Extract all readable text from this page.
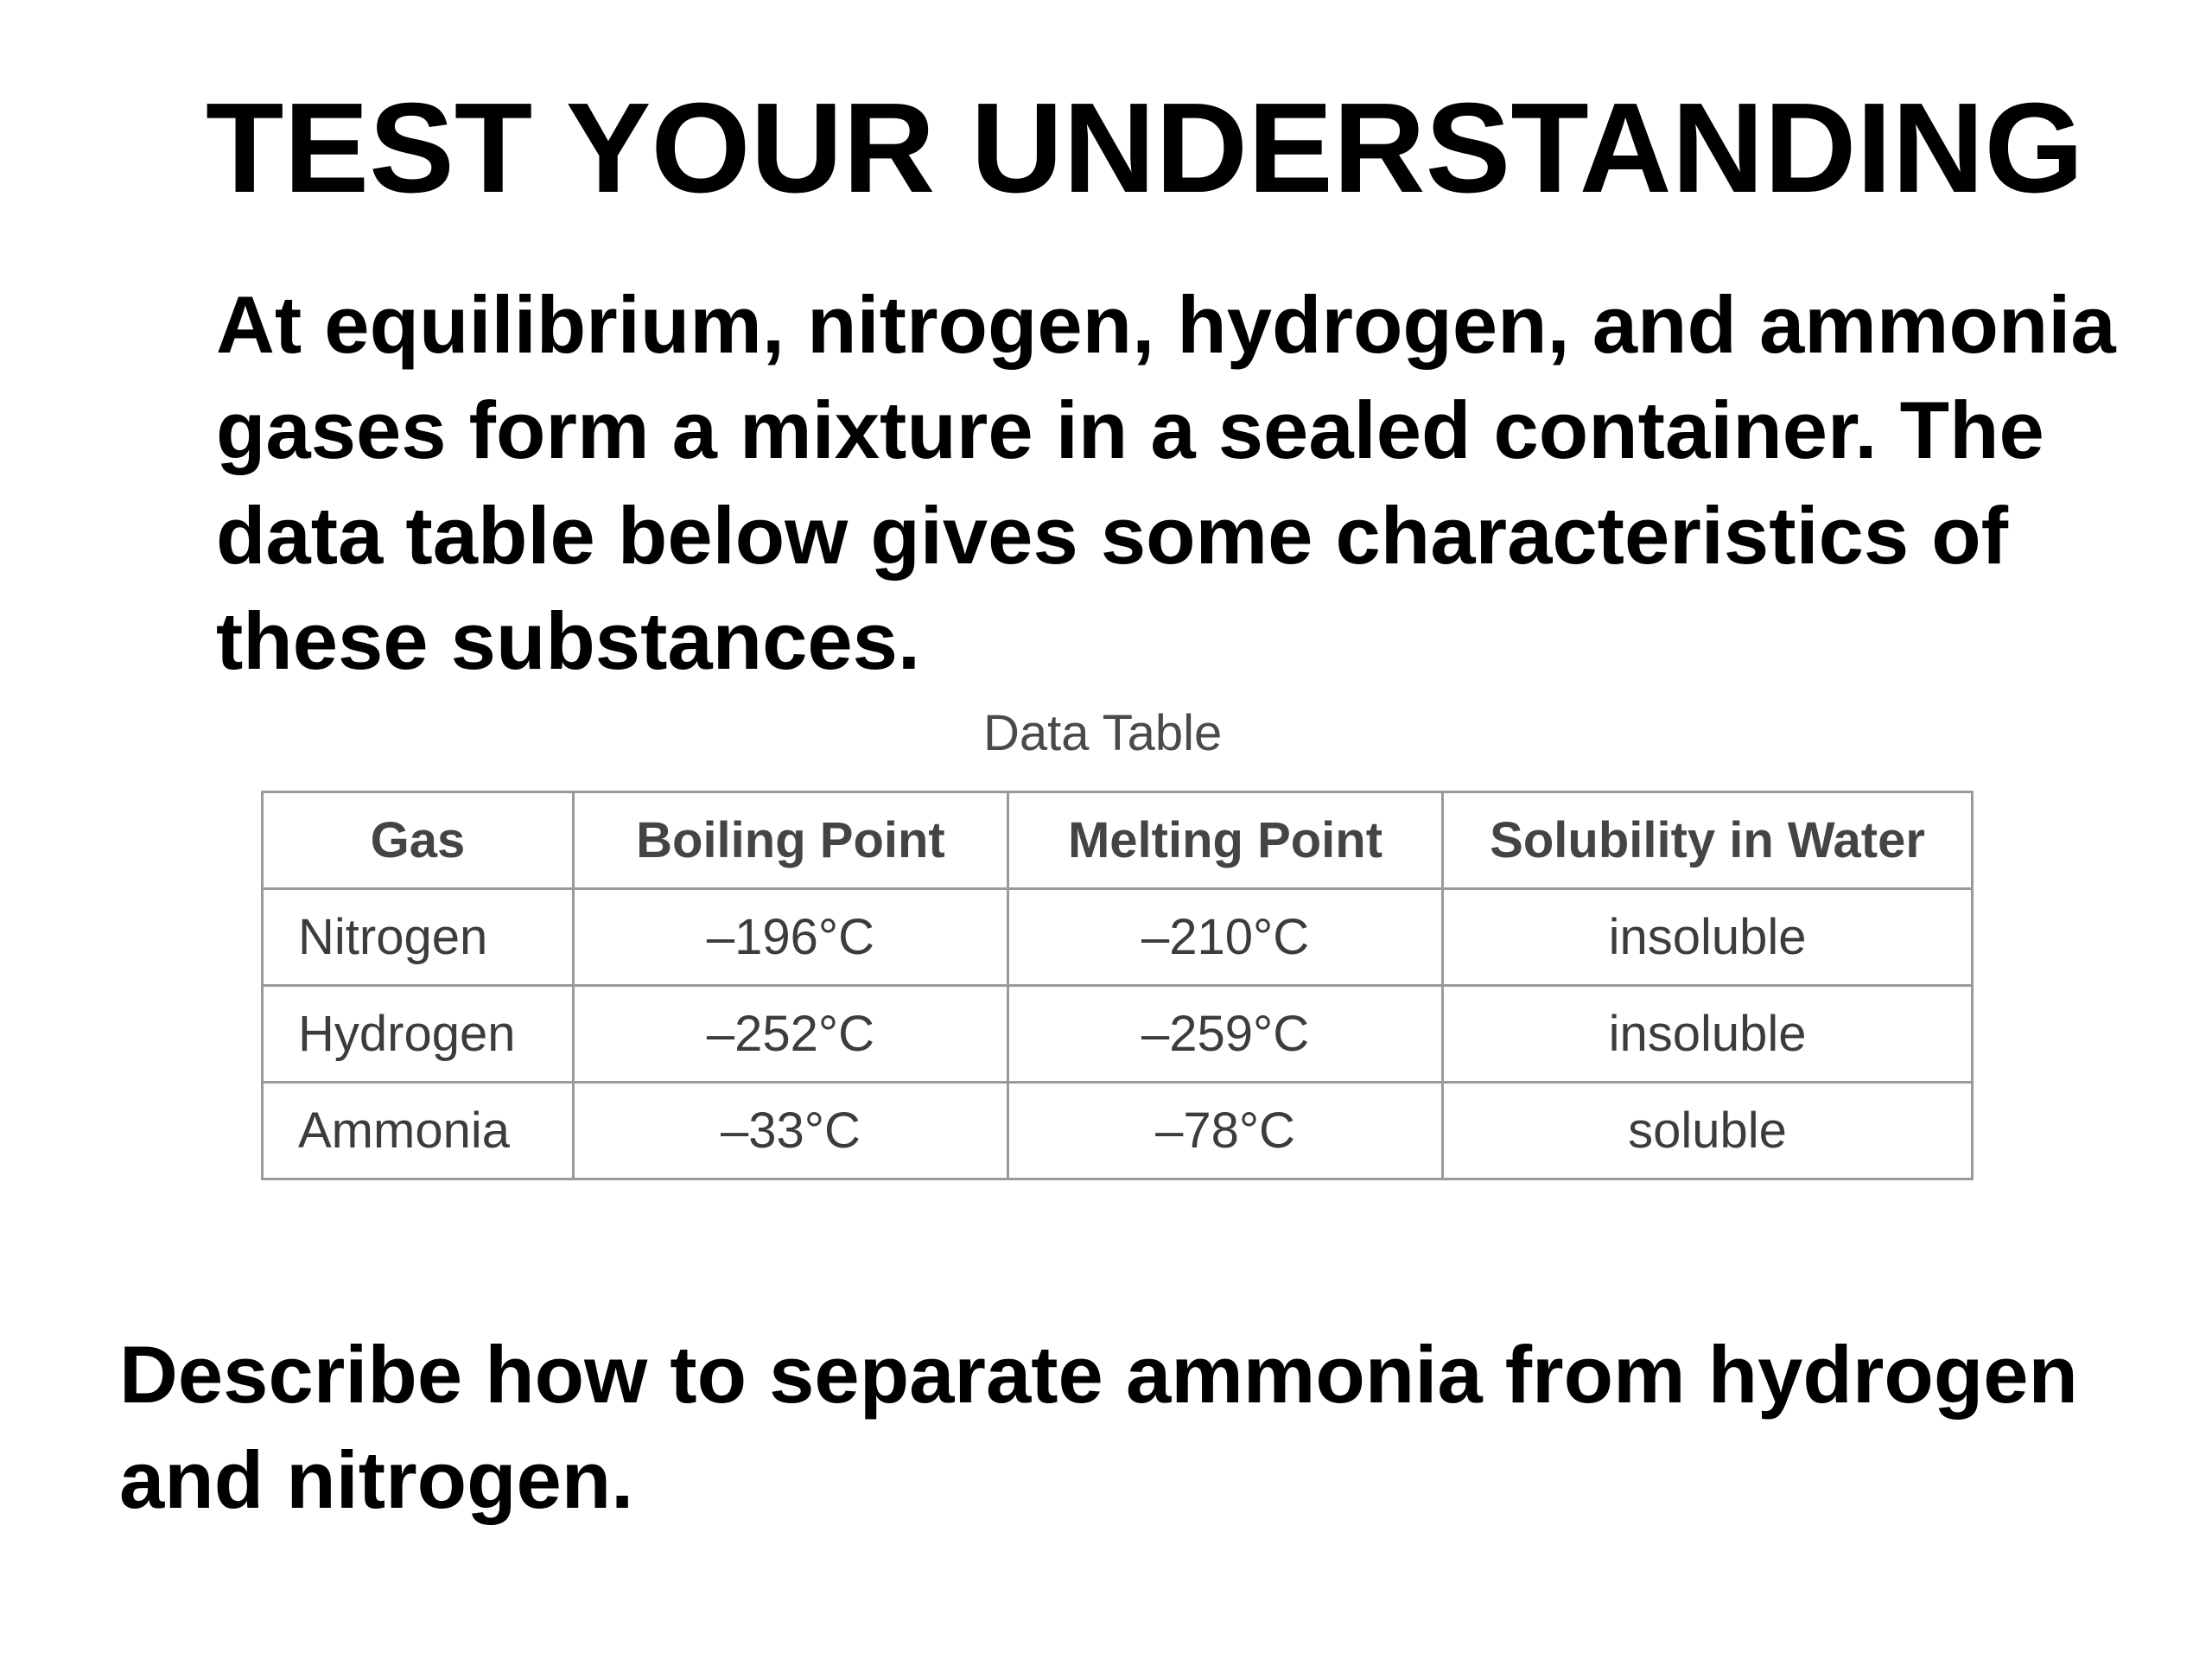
TEST YOUR UNDERSTANDING

At equilibrium, nitrogen, hydrogen, and ammonia gases form a mixture in a sealed container. The data table below gives some characteristics of these substances.

Data Table
Gas	Boiling Point	Melting Point	Solubility in Water
Nitrogen	–196°C	–210°C	insoluble
Hydrogen	–252°C	–259°C	insoluble
Ammonia	–33°C	–78°C	soluble

Describe how to separate ammonia from hydrogen and nitrogen.
